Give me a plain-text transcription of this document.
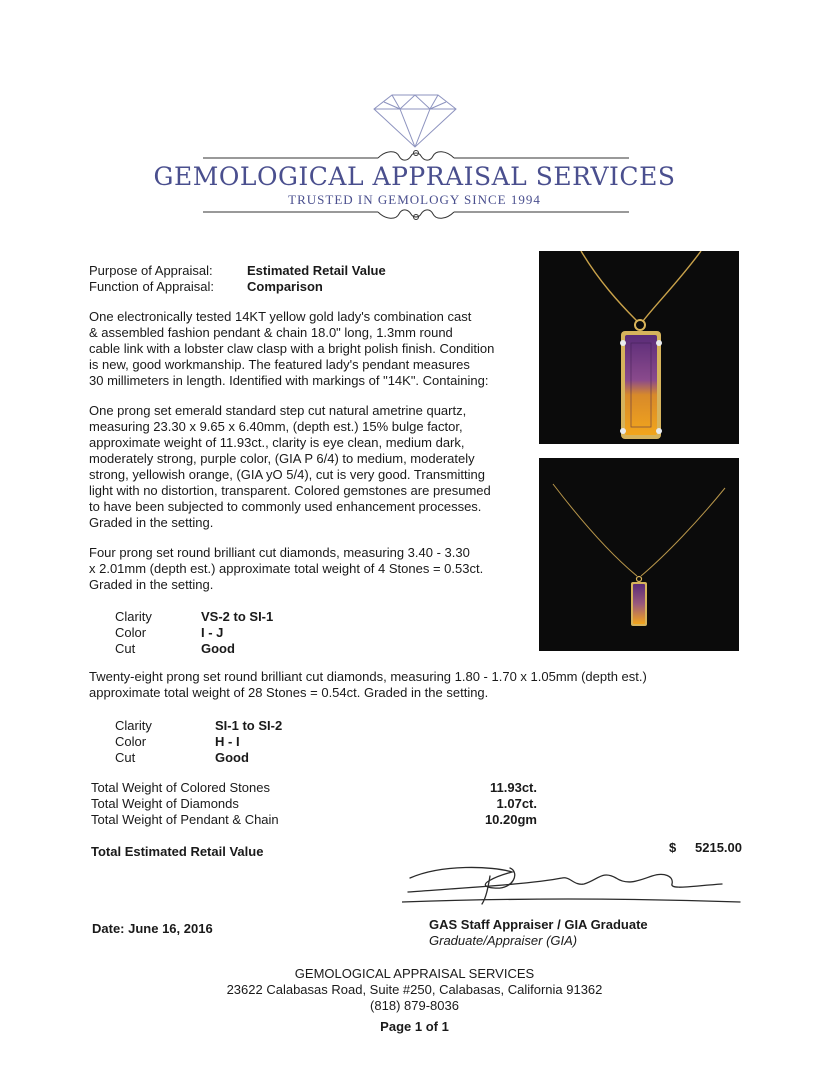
GEMOLOGICAL APPRAISAL SERVICES
TRUSTED IN GEMOLOGY SINCE 1994
Purpose of Appraisal:	Estimated Retail Value
Function of Appraisal:	Comparison
One electronically tested 14KT yellow gold lady's combination cast
& assembled fashion pendant & chain 18.0" long, 1.3mm round
cable link with a lobster claw clasp with a bright polish finish. Condition
is new, good workmanship. The featured lady's pendant measures
30 millimeters in length. Identified with markings of "14K". Containing:
One prong set emerald standard step cut natural ametrine quartz,
measuring 23.30 x 9.65 x 6.40mm, (depth est.) 15% bulge factor,
approximate weight of 11.93ct., clarity is eye clean, medium dark,
moderately strong, purple color, (GIA P 6/4) to medium, moderately
strong, yellowish orange, (GIA yO 5/4), cut is very good. Transmitting
light with no distortion, transparent. Colored gemstones are presumed
to have been subjected to commonly used enhancement processes.
Graded in the setting.
Four prong set round brilliant cut diamonds, measuring 3.40 - 3.30
x 2.01mm (depth est.) approximate total weight of 4 Stones = 0.53ct.
Graded in the setting.
Clarity	VS-2 to SI-1
Color	I - J
Cut	Good
Twenty-eight prong set round brilliant cut diamonds, measuring 1.80 - 1.70 x 1.05mm (depth est.)
approximate total weight of 28 Stones = 0.54ct. Graded in the setting.
Clarity	SI-1 to SI-2
Color	H - I
Cut	Good
Total Weight of Colored Stones	11.93ct.
Total Weight of Diamonds	1.07ct.
Total Weight of Pendant & Chain	10.20gm
Total Estimated Retail Value	$	5215.00
Date: June 16, 2016	GAS Staff Appraiser / GIA Graduate
Graduate/Appraiser (GIA)
GEMOLOGICAL APPRAISAL SERVICES
23622 Calabasas Road, Suite #250, Calabasas, California 91362
(818) 879-8036
Page 1 of 1
